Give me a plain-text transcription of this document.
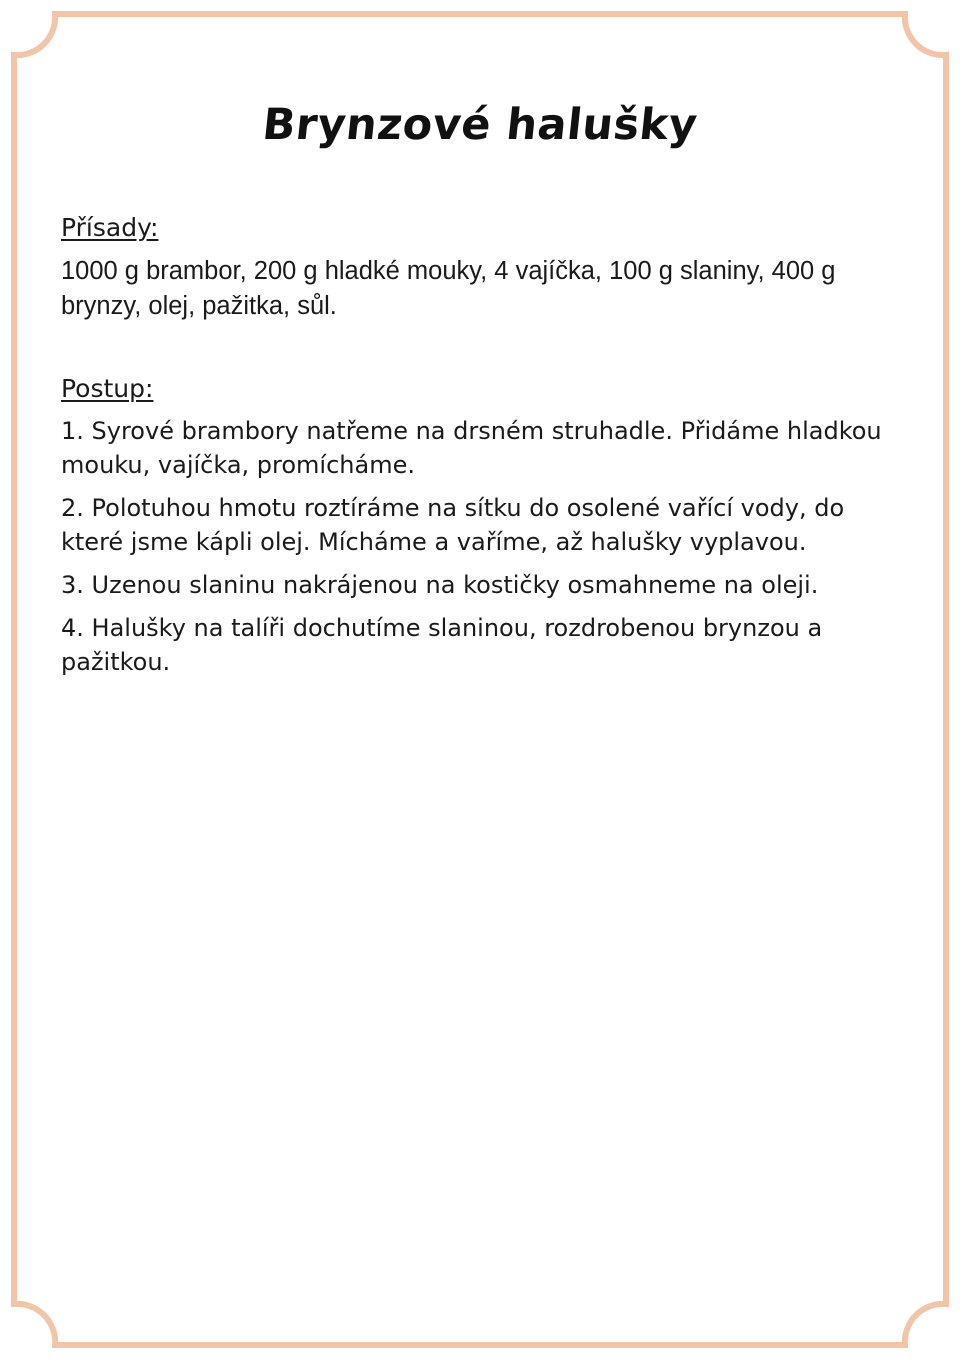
Brynzové halušky
Přísady:
1000 g brambor, 200 g hladké mouky, 4 vajíčka, 100 g slaniny, 400 g brynzy, olej, pažitka, sůl.
Postup:
1. Syrové brambory natřeme na drsném struhadle. Přidáme hladkou mouku, vajíčka, promícháme.
2. Polotuhou hmotu roztíráme na sítku do osolené vařící vody, do které jsme kápli olej. Mícháme a vaříme, až halušky vyplavou.
3. Uzenou slaninu nakrájenou na kostičky osmahneme na oleji.
4. Halušky na talíři dochutíme slaninou, rozdrobenou brynzou a pažitkou.
